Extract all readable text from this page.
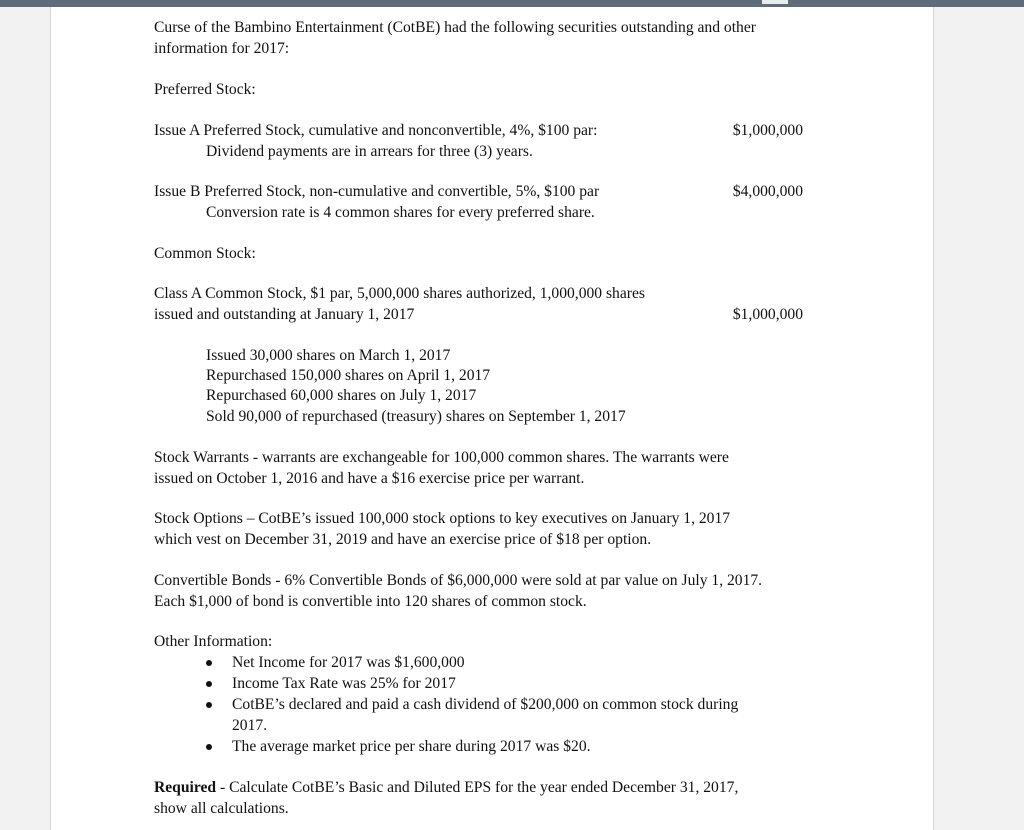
Curse of the Bambino Entertainment (CotBE) had the following securities outstanding and other
information for 2017:
Preferred Stock:
Issue A Preferred Stock, cumulative and nonconvertible, 4%, $100 par:	$1,000,000
Dividend payments are in arrears for three (3) years.
Issue B Preferred Stock, non-cumulative and convertible, 5%, $100 par	$4,000,000
Conversion rate is 4 common shares for every preferred share.
Common Stock:
Class A Common Stock, $1 par, 5,000,000 shares authorized, 1,000,000 shares
issued and outstanding at January 1, 2017	$1,000,000
Issued 30,000 shares on March 1, 2017
Repurchased 150,000 shares on April 1, 2017
Repurchased 60,000 shares on July 1, 2017
Sold 90,000 of repurchased (treasury) shares on September 1, 2017
Stock Warrants - warrants are exchangeable for 100,000 common shares. The warrants were
issued on October 1, 2016 and have a $16 exercise price per warrant.
Stock Options – CotBE’s issued 100,000 stock options to key executives on January 1, 2017
which vest on December 31, 2019 and have an exercise price of $18 per option.
Convertible Bonds - 6% Convertible Bonds of $6,000,000 were sold at par value on July 1, 2017.
Each $1,000 of bond is convertible into 120 shares of common stock.
Other Information:
Net Income for 2017 was $1,600,000
Income Tax Rate was 25% for 2017
CotBE’s declared and paid a cash dividend of $200,000 on common stock during
2017.
The average market price per share during 2017 was $20.
Required - Calculate CotBE’s Basic and Diluted EPS for the year ended December 31, 2017,
show all calculations.
